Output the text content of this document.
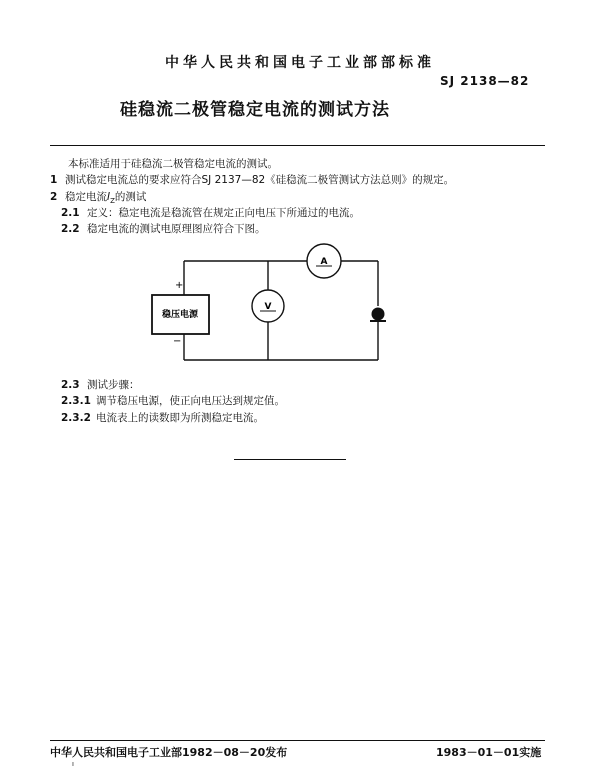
中华人民共和国电子工业部部标准
SJ 2138—82
硅稳流二极管稳定电流的测试方法
本标准适用于硅稳流二极管稳定电流的测试。
1 测试稳定电流总的要求应符合SJ 2137—82《硅稳流二极管测试方法总则》的规定。
2 稳定电流$I_Z$的测试
2.1 定义：稳定电流是稳流管在规定正向电压下所通过的电流。
2.2 稳定电流的测试电原理图应符合下图。
稳压电源
+
−
V
A
2.3 测试步骤：
2.3.1 调节稳压电源，使正向电压达到规定值。
2.3.2 电流表上的读数即为所测稳定电流。
中华人民共和国电子工业部1982－08－20发布	1983－01－01实施
ı
